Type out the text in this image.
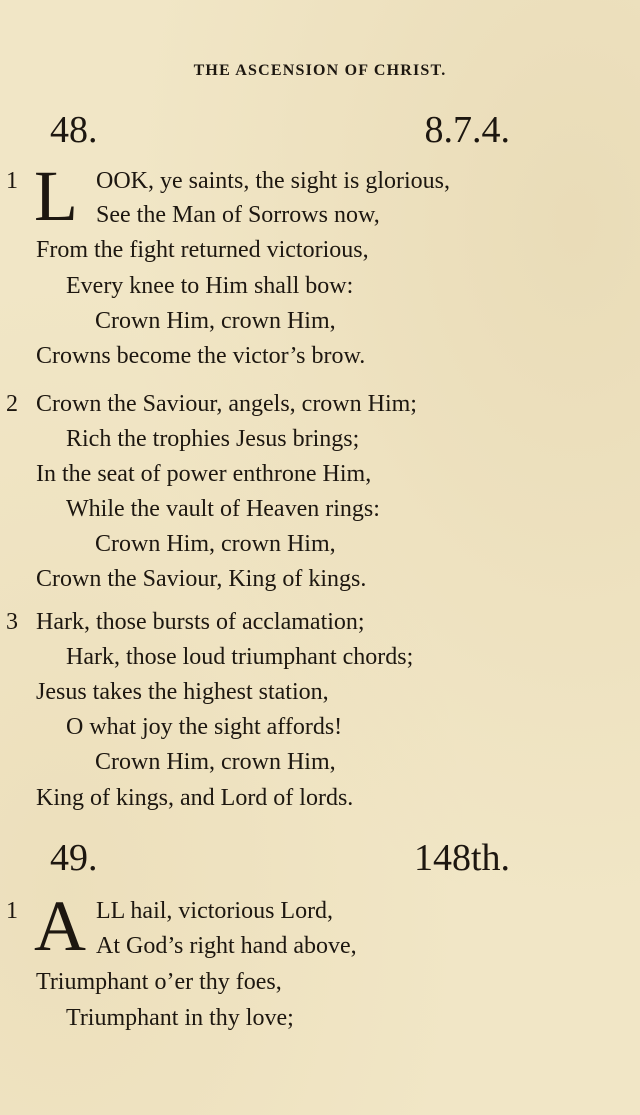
THE ASCENSION OF CHRIST.
48.	8.7.4.
1 L OOK, ye saints, the sight is glorious,
See the Man of Sorrows now,
From the fight returned victorious,
Every knee to Him shall bow:
Crown Him, crown Him,
Crowns become the victor’s brow.
2 Crown the Saviour, angels, crown Him;
Rich the trophies Jesus brings;
In the seat of power enthrone Him,
While the vault of Heaven rings:
Crown Him, crown Him,
Crown the Saviour, King of kings.
3 Hark, those bursts of acclamation;
Hark, those loud triumphant chords;
Jesus takes the highest station,
O what joy the sight affords!
Crown Him, crown Him,
King of kings, and Lord of lords.
49.	148th.
1 A LL hail, victorious Lord,
At God’s right hand above,
Triumphant o’er thy foes,
Triumphant in thy love;
